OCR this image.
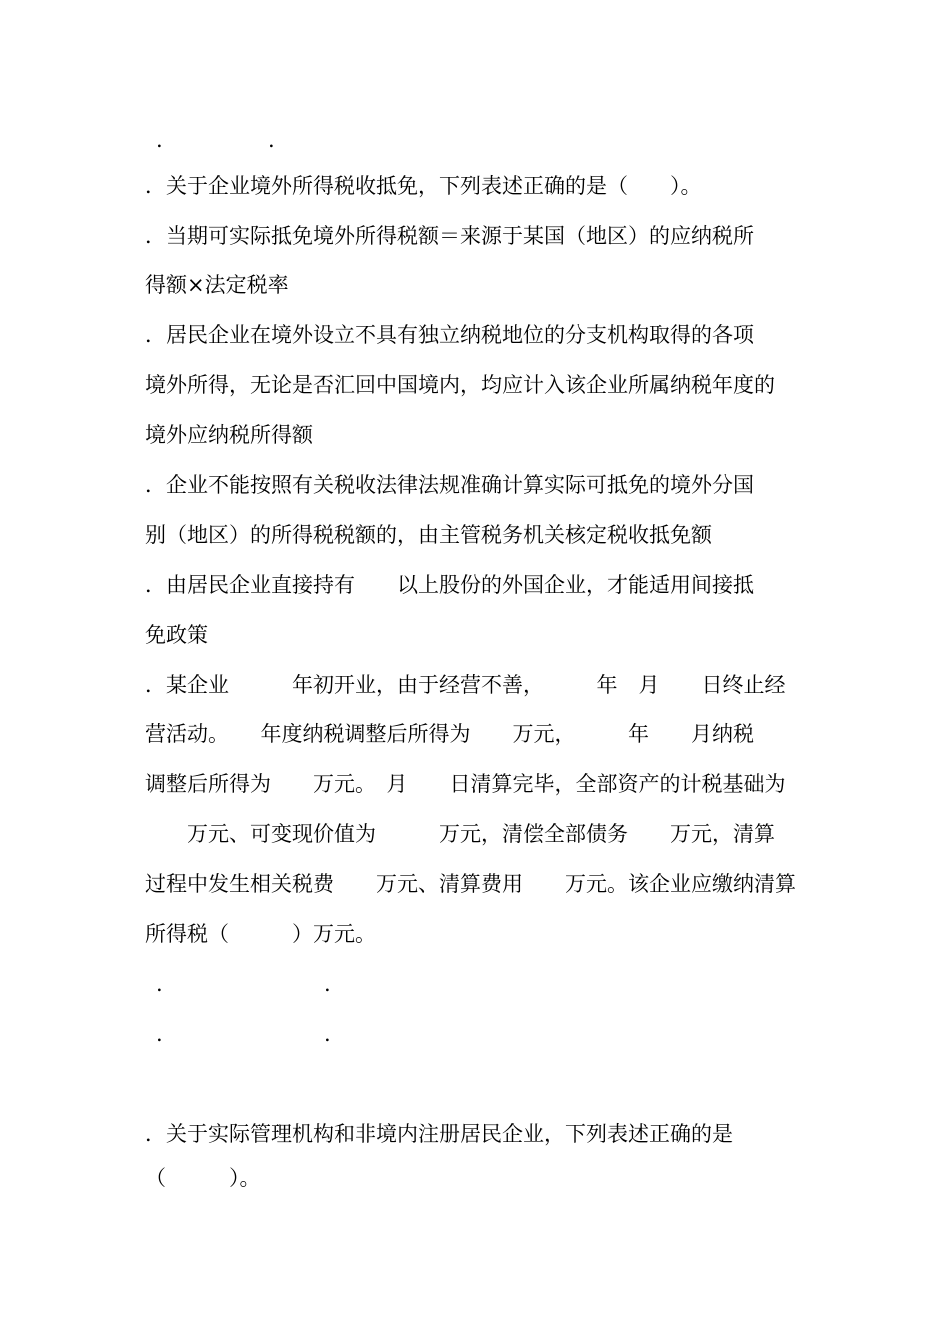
.	.

．关于企业境外所得税收抵免，下列表述正确的是（　　）。

．当期可实际抵免境外所得税额＝来源于某国（地区）的应纳税所

得额×法定税率

．居民企业在境外设立不具有独立纳税地位的分支机构取得的各项

境外所得，无论是否汇回中国境内，均应计入该企业所属纳税年度的

境外应纳税所得额

．企业不能按照有关税收法律法规准确计算实际可抵免的境外分国

别（地区）的所得税税额的，由主管税务机关核定税收抵免额

．由居民企业直接持有　　以上股份的外国企业，才能适用间接抵

免政策

．某企业　　　年初开业，由于经营不善，　　　年　月　　日终止经

营活动。　　年度纳税调整后所得为　　万元，　　　年　　月纳税

调整后所得为　　万元。　月　　日清算完毕，全部资产的计税基础为

　　万元、可变现价值为　　　万元，清偿全部债务　　万元，清算

过程中发生相关税费　　万元、清算费用　　万元。该企业应缴纳清算

所得税（　　　）万元。

.	.
.	.

．关于实际管理机构和非境内注册居民企业，下列表述正确的是

（　　　）。
